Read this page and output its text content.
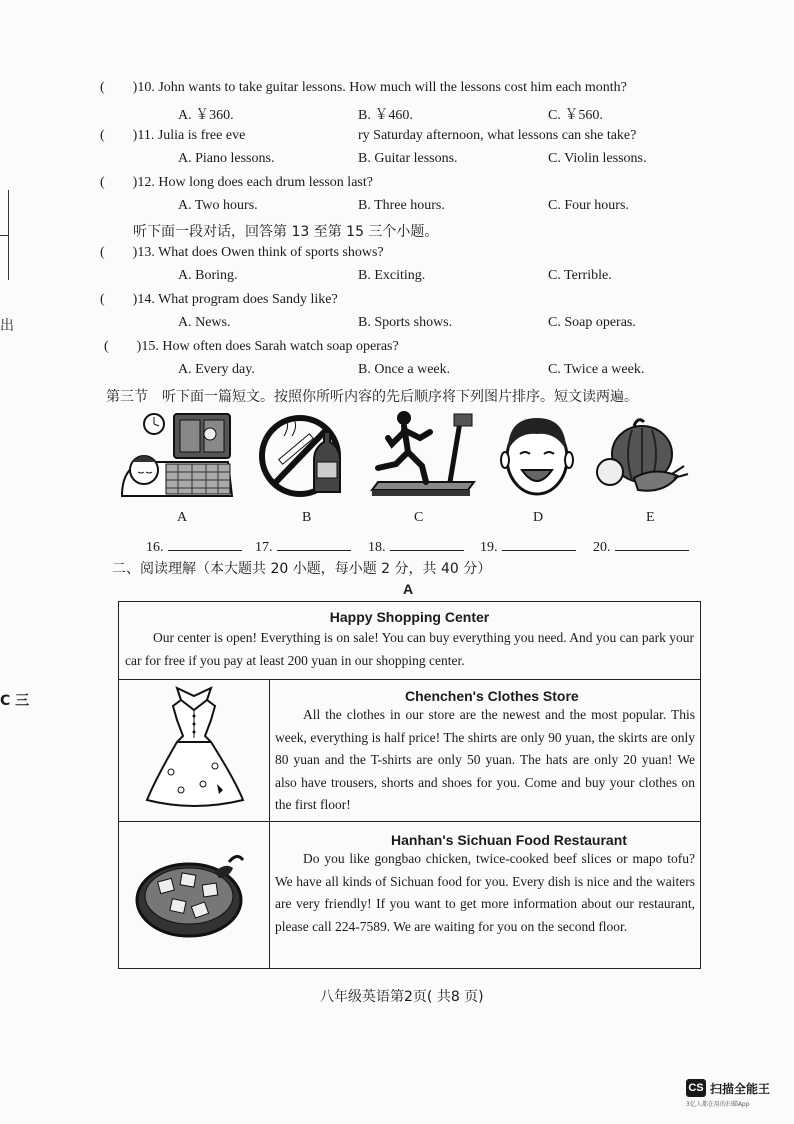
出
C 三
(        )10. John wants to take guitar lessons. How much will the lessons cost him each month?
A. ￥360.	B. ￥460.	C. ￥560.
(        )11. Julia is free eve	ry Saturday afternoon, what lessons can she take?
A. Piano lessons.	B. Guitar lessons.	C. Violin lessons.
(        )12. How long does each drum lesson last?
A. Two hours.	B. Three hours.	C. Four hours.
听下面一段对话，回答第 13 至第 15 三个小题。
(        )13. What does Owen think of sports shows?
A. Boring.	B. Exciting.	C. Terrible.
(        )14. What program does Sandy like?
A. News.	B. Sports shows.	C. Soap operas.
(        )15. How often does Sarah watch soap operas?
A. Every day.	B. Once a week.	C. Twice a week.
第三节　听下面一篇短文。按照你所听内容的先后顺序将下列图片排序。短文读两遍。
A	B	C	D	E
16.	17.	18.	19.	20.
二、阅读理解（本大题共 20 小题，每小题 2 分，共 40 分）
A
Happy Shopping Center
Our center is open! Everything is on sale! You can buy everything you need. And you can park your car for free if you pay at least 200 yuan in our shopping center.
Chenchen's Clothes Store
All the clothes in our store are the newest and the most popular. This week, everything is half price! The shirts are only 90 yuan, the skirts are only 80 yuan and the T-shirts are only 50 yuan. The hats are only 20 yuan! We also have trousers, shorts and shoes for you. Come and buy your clothes on the first floor!
Hanhan's Sichuan Food Restaurant
Do you like gongbao chicken, twice-cooked beef slices or mapo tofu? We have all kinds of Sichuan food for you. Every dish is nice and the waiters are very friendly! If you want to get more information about our restaurant, please call 224-7589. We are waiting for you on the second floor.
八年级英语第2页( 共8 页)
CS 扫描全能王
3亿人都在用的扫描App
